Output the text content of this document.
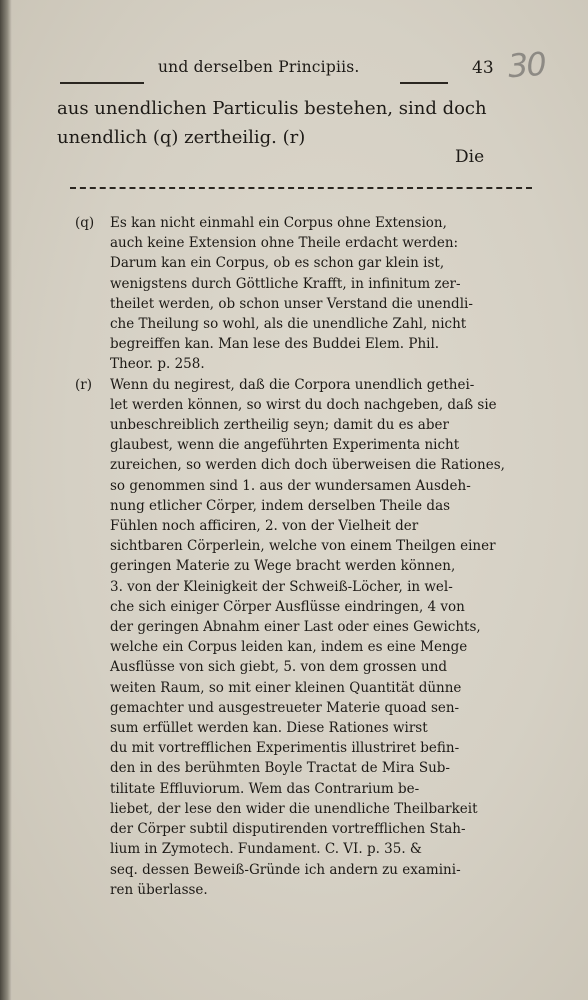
und derselben Principiis.	43 30
aus unendlichen Particulis bestehen, sind doch
unendlich (q) zertheilig. (r)
Die
(q)	Es kan nicht einmahl ein Corpus ohne Extension,
auch keine Extension ohne Theile erdacht werden:
Darum kan ein Corpus, ob es schon gar klein ist,
wenigstens durch Göttliche Krafft, in infinitum zer-
theilet werden, ob schon unser Verstand die unendli-
che Theilung so wohl, als die unendliche Zahl, nicht
begreiffen kan. Man lese des Buddei Elem. Phil.
Theor. p. 258.
(r)	Wenn du negirest, daß die Corpora unendlich gethei-
let werden können, so wirst du doch nachgeben, daß sie
unbeschreiblich zertheilig seyn; damit du es aber
glaubest, wenn die angeführten Experimenta nicht
zureichen, so werden dich doch überweisen die Rationes,
so genommen sind 1. aus der wundersamen Ausdeh-
nung etlicher Cörper, indem derselben Theile das
Fühlen noch afficiren, 2. von der Vielheit der
sichtbaren Cörperlein, welche von einem Theilgen einer
geringen Materie zu Wege bracht werden können,
3. von der Kleinigkeit der Schweiß-Löcher, in wel-
che sich einiger Cörper Ausflüsse eindringen, 4 von
der geringen Abnahm einer Last oder eines Gewichts,
welche ein Corpus leiden kan, indem es eine Menge
Ausflüsse von sich giebt, 5. von dem grossen und
weiten Raum, so mit einer kleinen Quantität dünne
gemachter und ausgestreueter Materie quoad sen-
sum erfüllet werden kan. Diese Rationes wirst
du mit vortrefflichen Experimentis illustriret befin-
den in des berühmten Boyle Tractat de Mira Sub-
tilitate Effluviorum. Wem das Contrarium be-
liebet, der lese den wider die unendliche Theilbarkeit
der Cörper subtil disputirenden vortrefflichen Stah-
lium in Zymotech. Fundament. C. VI. p. 35. &
seq. dessen Beweiß-Gründe ich andern zu examini-
ren überlasse.
